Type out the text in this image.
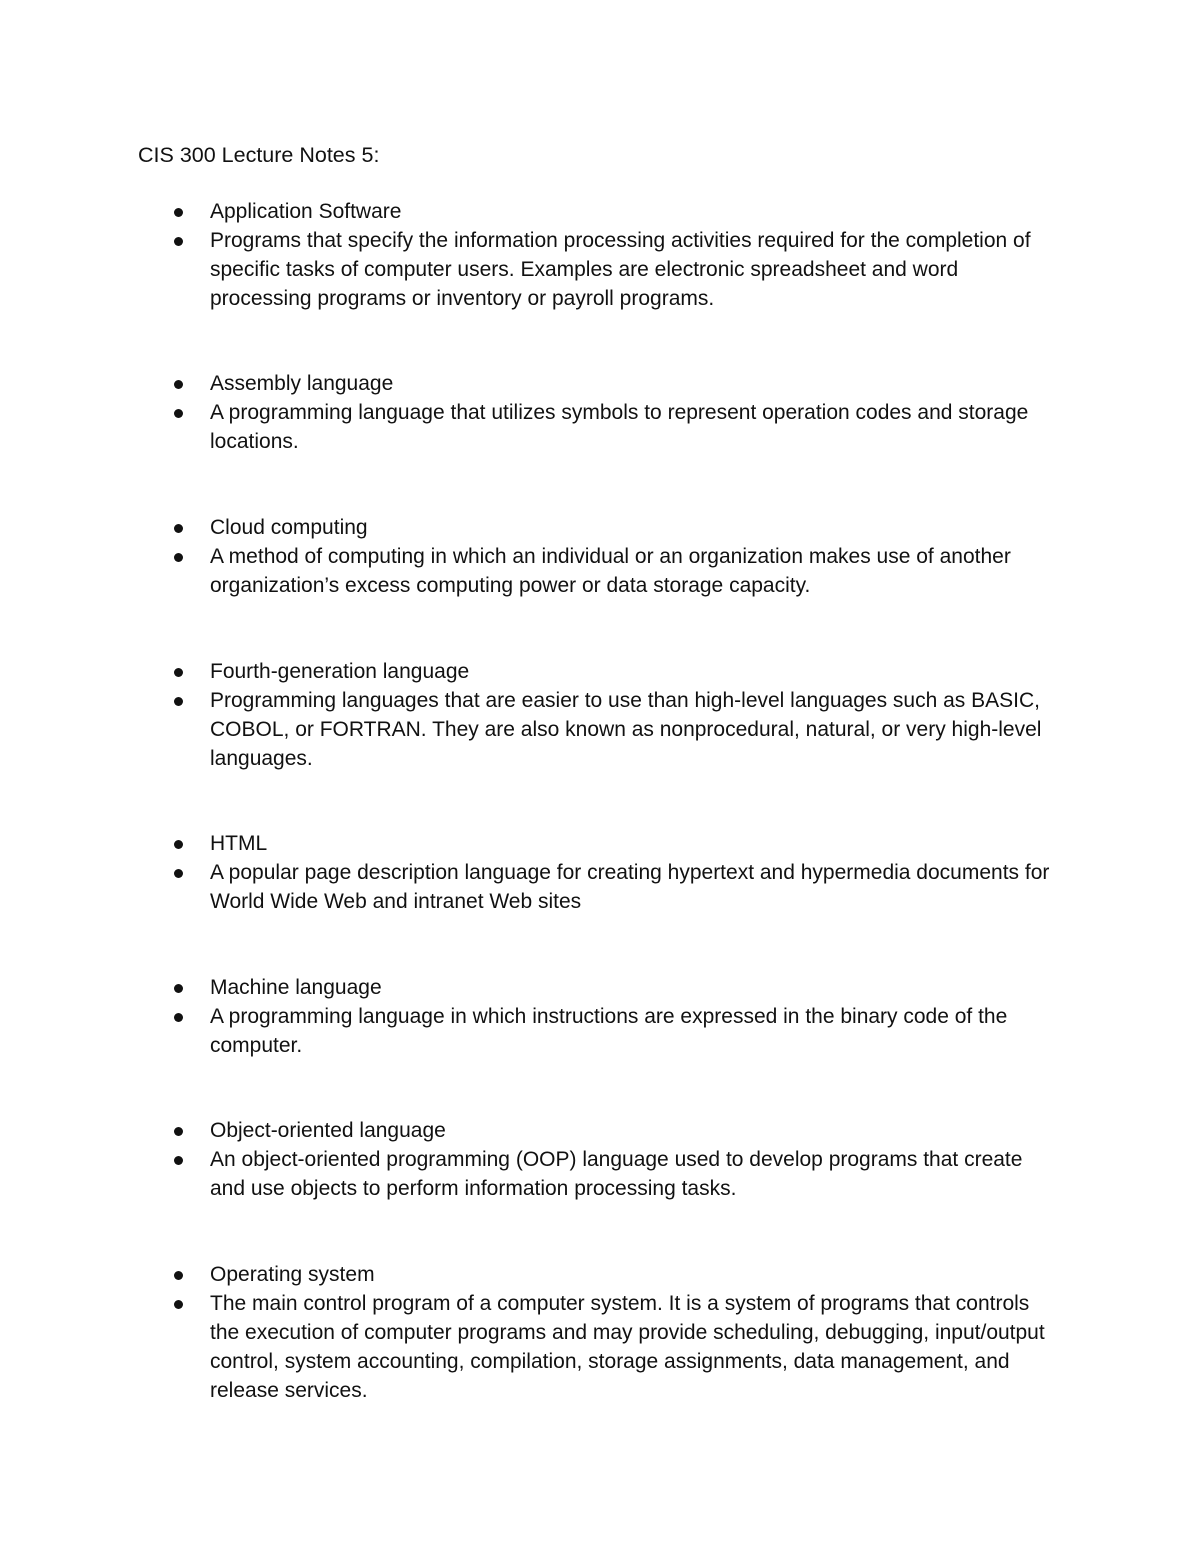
CIS 300 Lecture Notes 5:

Application Software

Programs that specify the information processing activities required for the completion of specific tasks of computer users. Examples are electronic spreadsheet and word processing programs or inventory or payroll programs.

Assembly language

A programming language that utilizes symbols to represent operation codes and storage locations.

Cloud computing

A method of computing in which an individual or an organization makes use of another organization’s excess computing power or data storage capacity.

Fourth-generation language

Programming languages that are easier to use than high-level languages such as BASIC, COBOL, or FORTRAN. They are also known as nonprocedural, natural, or very high-level languages.

HTML

A popular page description language for creating hypertext and hypermedia documents for World Wide Web and intranet Web sites

Machine language

A programming language in which instructions are expressed in the binary code of the computer.

Object-oriented language

An object-oriented programming (OOP) language used to develop programs that create and use objects to perform information processing tasks.

Operating system

The main control program of a computer system. It is a system of programs that controls the execution of computer programs and may provide scheduling, debugging, input/output control, system accounting, compilation, storage assignments, data management, and release services.
